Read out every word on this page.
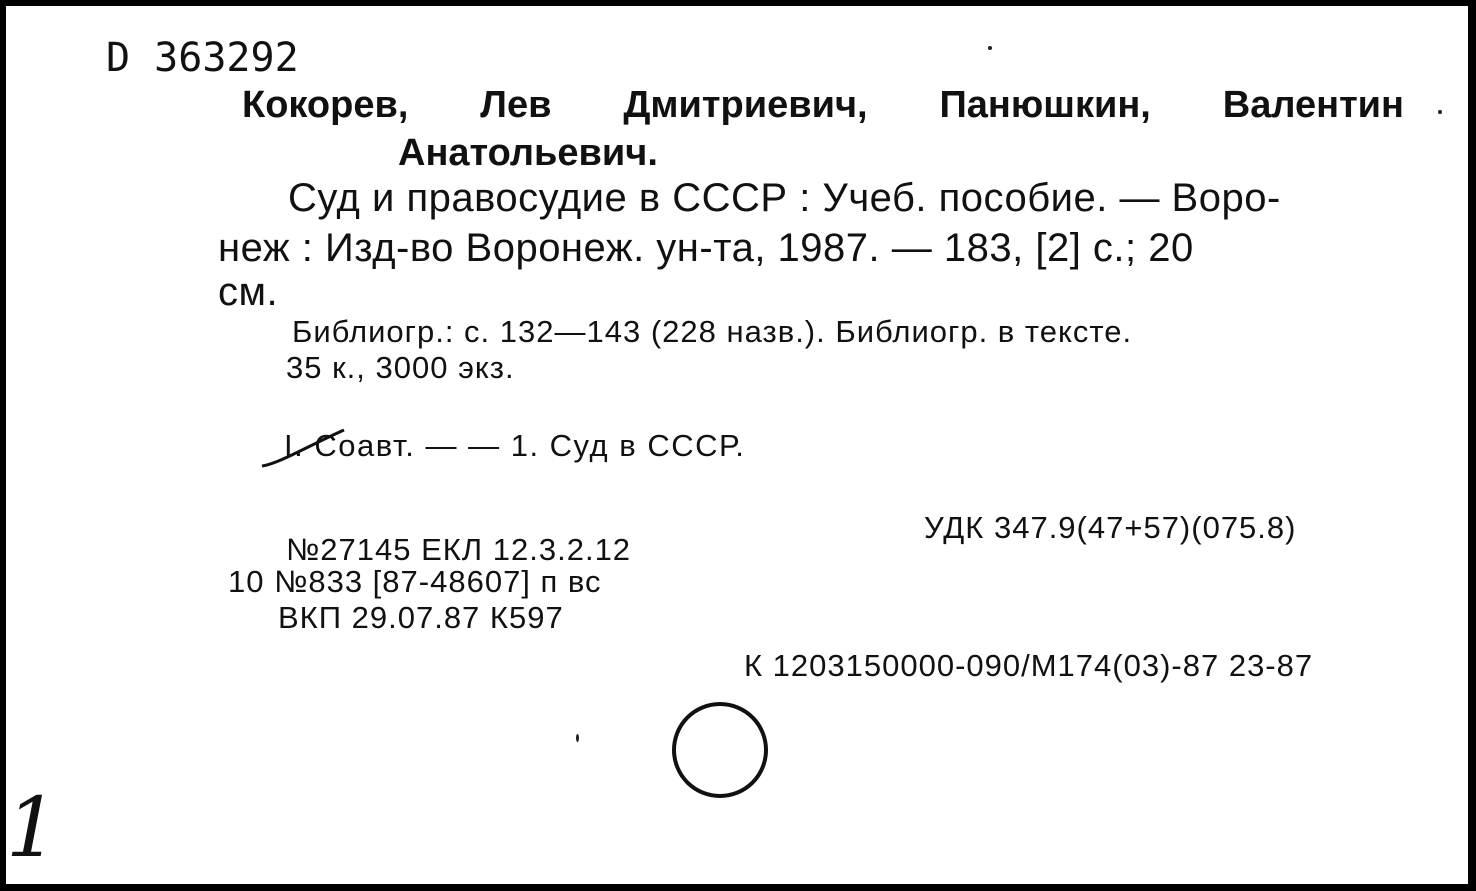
D 363292
Кокорев, Лев Дмитриевич, Панюшкин, Валентин
Анатольевич.
Суд и правосудие в СССР : Учеб. пособие. — Воро-
неж : Изд-во Воронеж. ун-та, 1987. — 183, [2] с.; 20
см.
Библиогр.: с. 132—143 (228 назв.). Библиогр. в тексте.
35 к., 3000 экз.
I. Соавт. — — 1. Суд в СССР.
№27145 ЕКЛ 12.3.2.12
10 №833 [87-48607] п вс
ВКП 29.07.87 К597
УДК 347.9(47+57)(075.8)
К 1203150000-090/М174(03)-87 23-87
1
